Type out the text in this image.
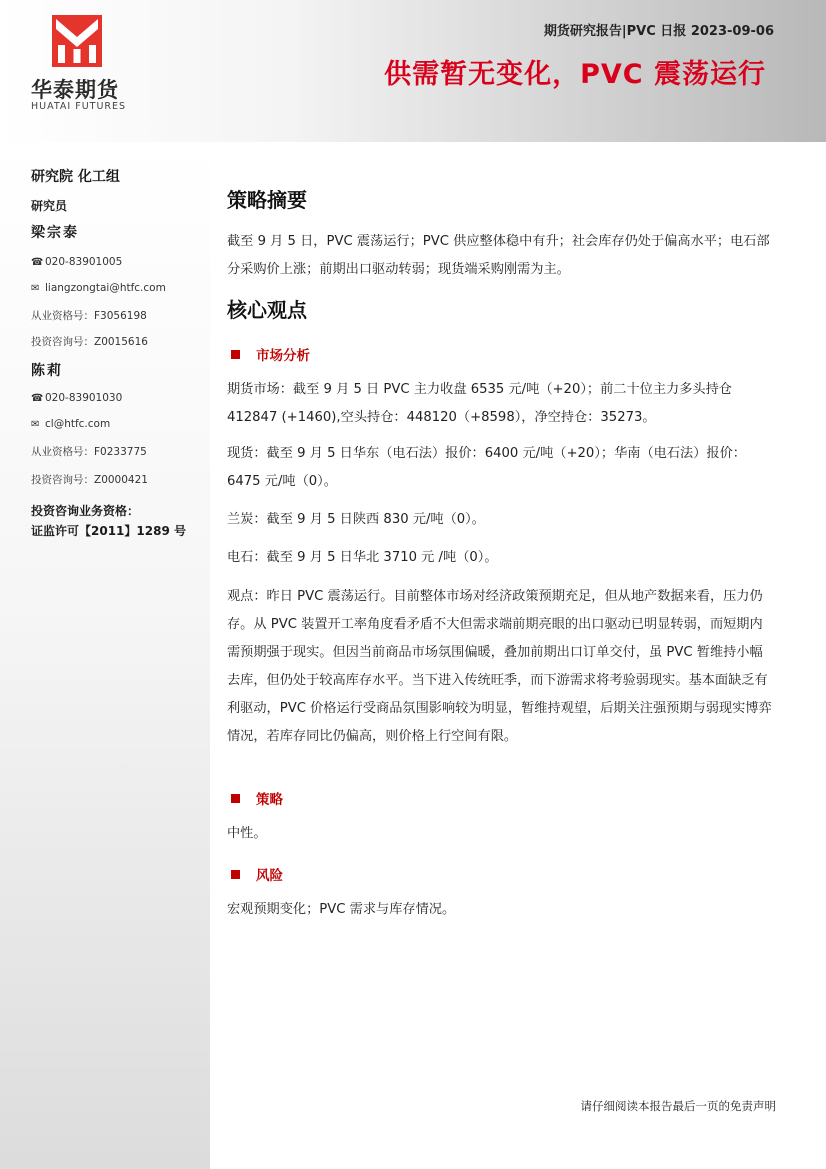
华泰期货
HUATAI FUTURES
期货研究报告|PVC 日报 2023-09-06
供需暂无变化，PVC 震荡运行
研究院 化工组
研究员
梁宗泰
☎ 020-83901005
✉ liangzongtai@htfc.com
从业资格号：F3056198
投资咨询号：Z0015616
陈莉
☎ 020-83901030
✉ cl@htfc.com
从业资格号：F0233775
投资咨询号：Z0000421
投资咨询业务资格：
证监许可【2011】1289 号
策略摘要
截至 9 月 5 日，PVC 震荡运行；PVC 供应整体稳中有升；社会库存仍处于偏高水平；电石部分采购价上涨；前期出口驱动转弱；现货端采购刚需为主。
核心观点
市场分析
期货市场：截至 9 月 5 日 PVC 主力收盘 6535 元/吨（+20）；前二十位主力多头持仓 412847 (+1460),空头持仓：448120（+8598），净空持仓：35273。
现货：截至 9 月 5 日华东（电石法）报价：6400 元/吨（+20）；华南（电石法）报价：6475 元/吨（0）。
兰炭：截至 9 月 5 日陕西 830 元/吨（0）。
电石：截至 9 月 5 日华北 3710 元 /吨（0）。
观点：昨日 PVC 震荡运行。目前整体市场对经济政策预期充足，但从地产数据来看，压力仍存。从 PVC 装置开工率角度看矛盾不大但需求端前期亮眼的出口驱动已明显转弱，而短期内需预期强于现实。但因当前商品市场氛围偏暖，叠加前期出口订单交付，虽 PVC 暂维持小幅去库，但仍处于较高库存水平。当下进入传统旺季，而下游需求将考验弱现实。基本面缺乏有利驱动，PVC 价格运行受商品氛围影响较为明显，暂维持观望，后期关注强预期与弱现实博弈情况，若库存同比仍偏高，则价格上行空间有限。
策略
中性。
风险
宏观预期变化；PVC 需求与库存情况。
请仔细阅读本报告最后一页的免责声明
